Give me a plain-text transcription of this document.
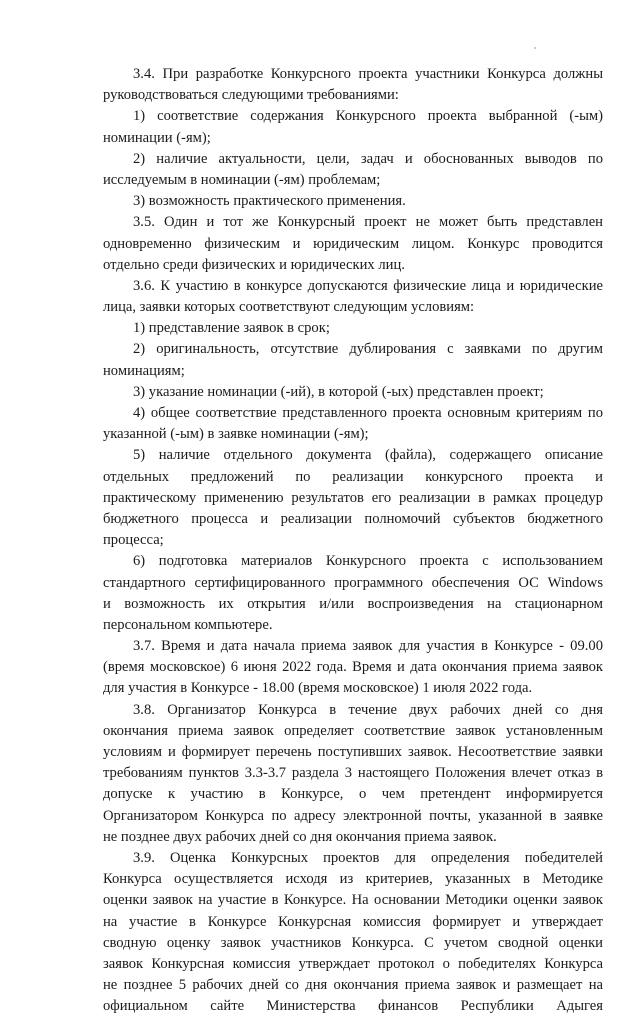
3.4. При разработке Конкурсного проекта участники Конкурса должны
руководствоваться следующими требованиями:
1) соответствие содержания Конкурсного проекта выбранной (-ым)
номинации (-ям);
2) наличие актуальности, цели, задач и обоснованных выводов по
исследуемым в номинации (-ям) проблемам;
3) возможность практического применения.
3.5. Один и тот же Конкурсный проект не может быть представлен
одновременно физическим и юридическим лицом. Конкурс проводится
отдельно среди физических и юридических лиц.
3.6. К участию в конкурсе допускаются физические лица и юридические
лица, заявки которых соответствуют следующим условиям:
1) представление заявок в срок;
2) оригинальность, отсутствие дублирования с заявками по другим
номинациям;
3) указание номинации (-ий), в которой (-ых) представлен проект;
4) общее соответствие представленного проекта основным критериям по
указанной (-ым) в заявке номинации (-ям);
5) наличие отдельного документа (файла), содержащего описание
отдельных предложений по реализации конкурсного проекта и
практическому применению результатов его реализации в рамках процедур
бюджетного процесса и реализации полномочий субъектов бюджетного
процесса;
6) подготовка материалов Конкурсного проекта с использованием
стандартного сертифицированного программного обеспечения ОС Windows
и возможность их открытия и/или воспроизведения на стационарном
персональном компьютере.
3.7. Время и дата начала приема заявок для участия в Конкурсе - 09.00
(время московское) 6 июня 2022 года. Время и дата окончания приема заявок
для участия в Конкурсе - 18.00 (время московское) 1 июля 2022 года.
3.8. Организатор Конкурса в течение двух рабочих дней со дня
окончания приема заявок определяет соответствие заявок установленным
условиям и формирует перечень поступивших заявок. Несоответствие заявки
требованиям пунктов 3.3-3.7 раздела 3 настоящего Положения влечет отказ в
допуске к участию в Конкурсе, о чем претендент информируется
Организатором Конкурса по адресу электронной почты, указанной в заявке
не позднее двух рабочих дней со дня окончания приема заявок.
3.9. Оценка Конкурсных проектов для определения победителей
Конкурса осуществляется исходя из критериев, указанных в Методике
оценки заявок на участие в Конкурсе. На основании Методики оценки заявок
на участие в Конкурсе Конкурсная комиссия формирует и утверждает
сводную оценку заявок участников Конкурса. С учетом сводной оценки
заявок Конкурсная комиссия утверждает протокол о победителях Конкурса
не позднее 5 рабочих дней со дня окончания приема заявок и размещает на
официальном сайте Министерства финансов Республики Адыгея
